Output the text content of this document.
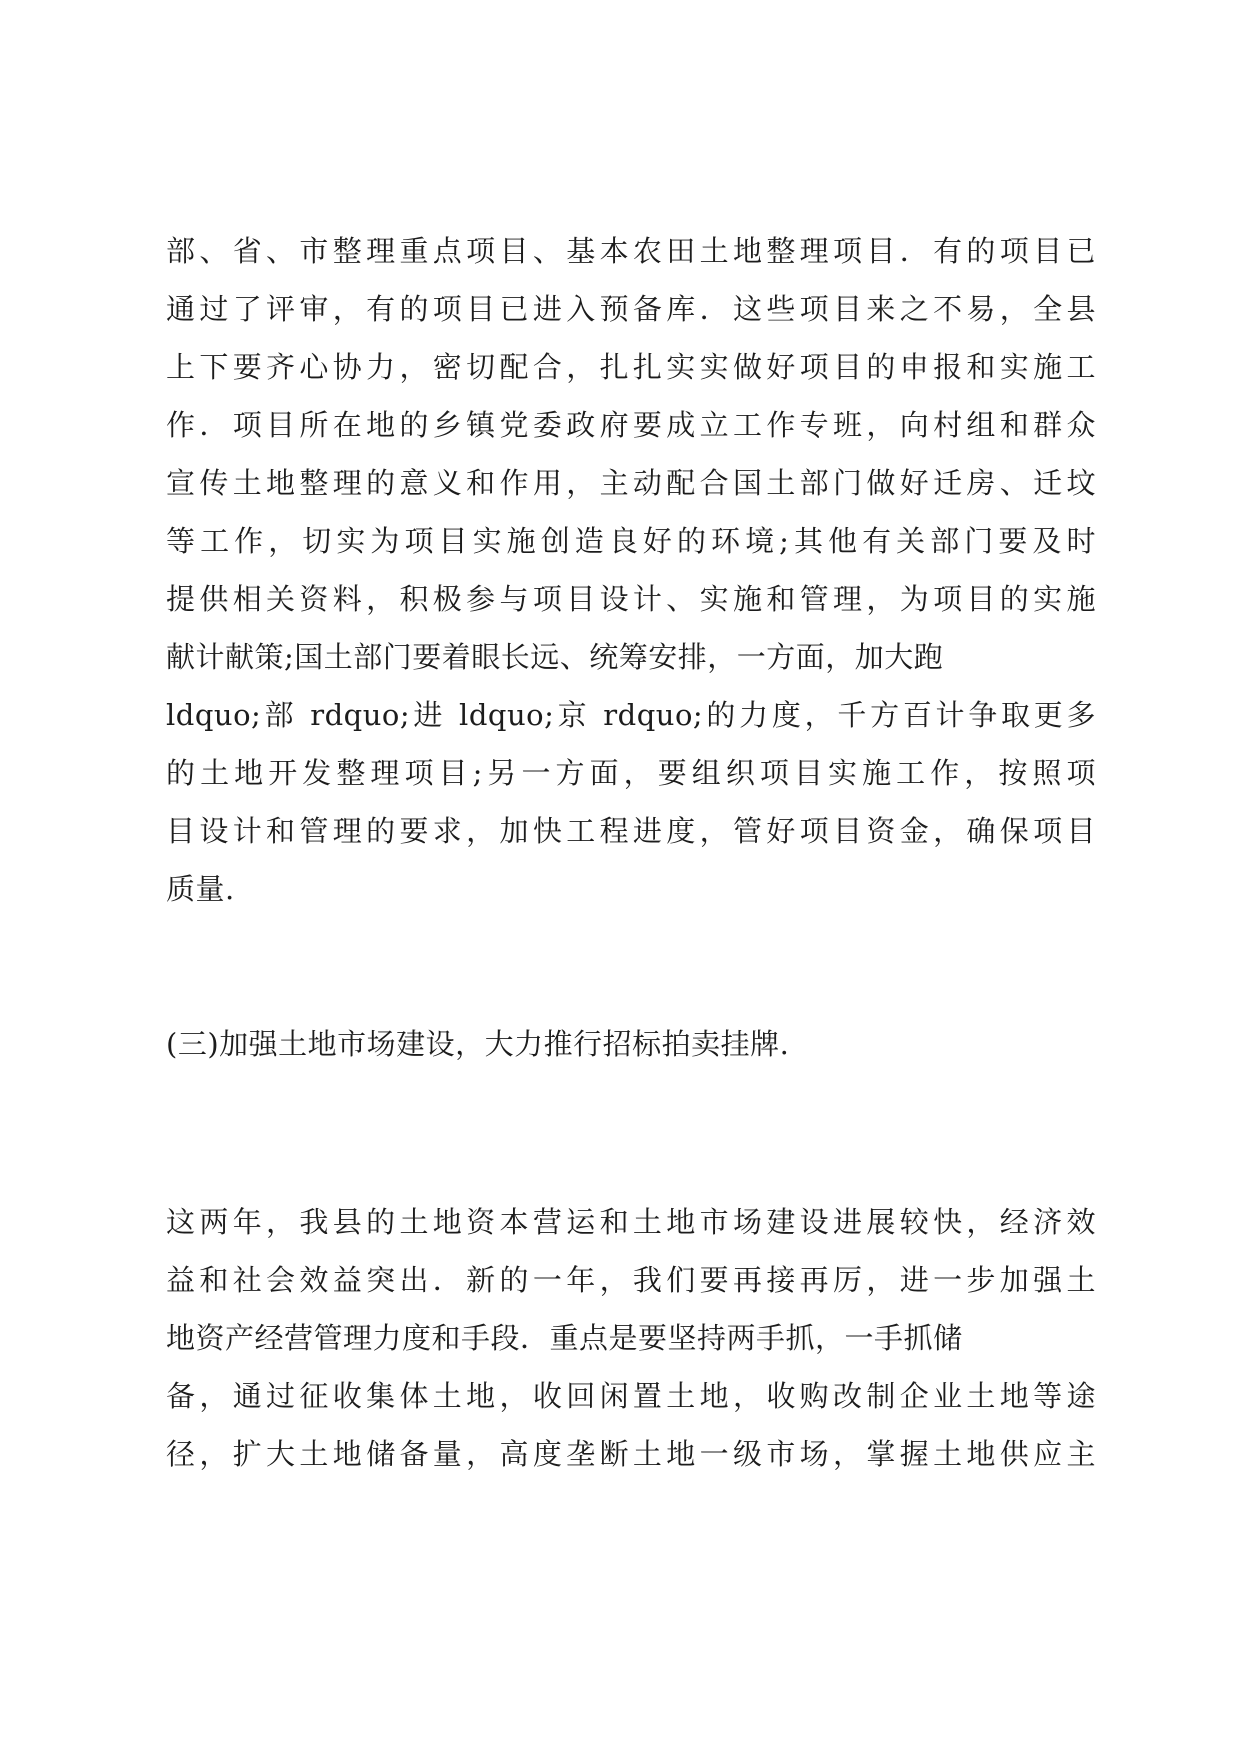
部、省、市整理重点项目、基本农田土地整理项目．有的项目已
通过了评审，有的项目已进入预备库．这些项目来之不易，全县
上下要齐心协力，密切配合，扎扎实实做好项目的申报和实施工
作．项目所在地的乡镇党委政府要成立工作专班，向村组和群众
宣传土地整理的意义和作用，主动配合国土部门做好迁房、迁坟
等工作，切实为项目实施创造良好的环境;其他有关部门要及时
提供相关资料，积极参与项目设计、实施和管理，为项目的实施
献计献策;国土部门要着眼长远、统筹安排，一方面，加大跑
ldquo;部 rdquo;进 ldquo;京 rdquo;的力度，千方百计争取更多
的土地开发整理项目;另一方面，要组织项目实施工作，按照项
目设计和管理的要求，加快工程进度，管好项目资金，确保项目
质量.
(三)加强土地市场建设，大力推行招标拍卖挂牌.
这两年，我县的土地资本营运和土地市场建设进展较快，经济效
益和社会效益突出．新的一年，我们要再接再厉，进一步加强土
地资产经营管理力度和手段．重点是要坚持两手抓，一手抓储
备，通过征收集体土地，收回闲置土地，收购改制企业土地等途
径，扩大土地储备量，高度垄断土地一级市场，掌握土地供应主
